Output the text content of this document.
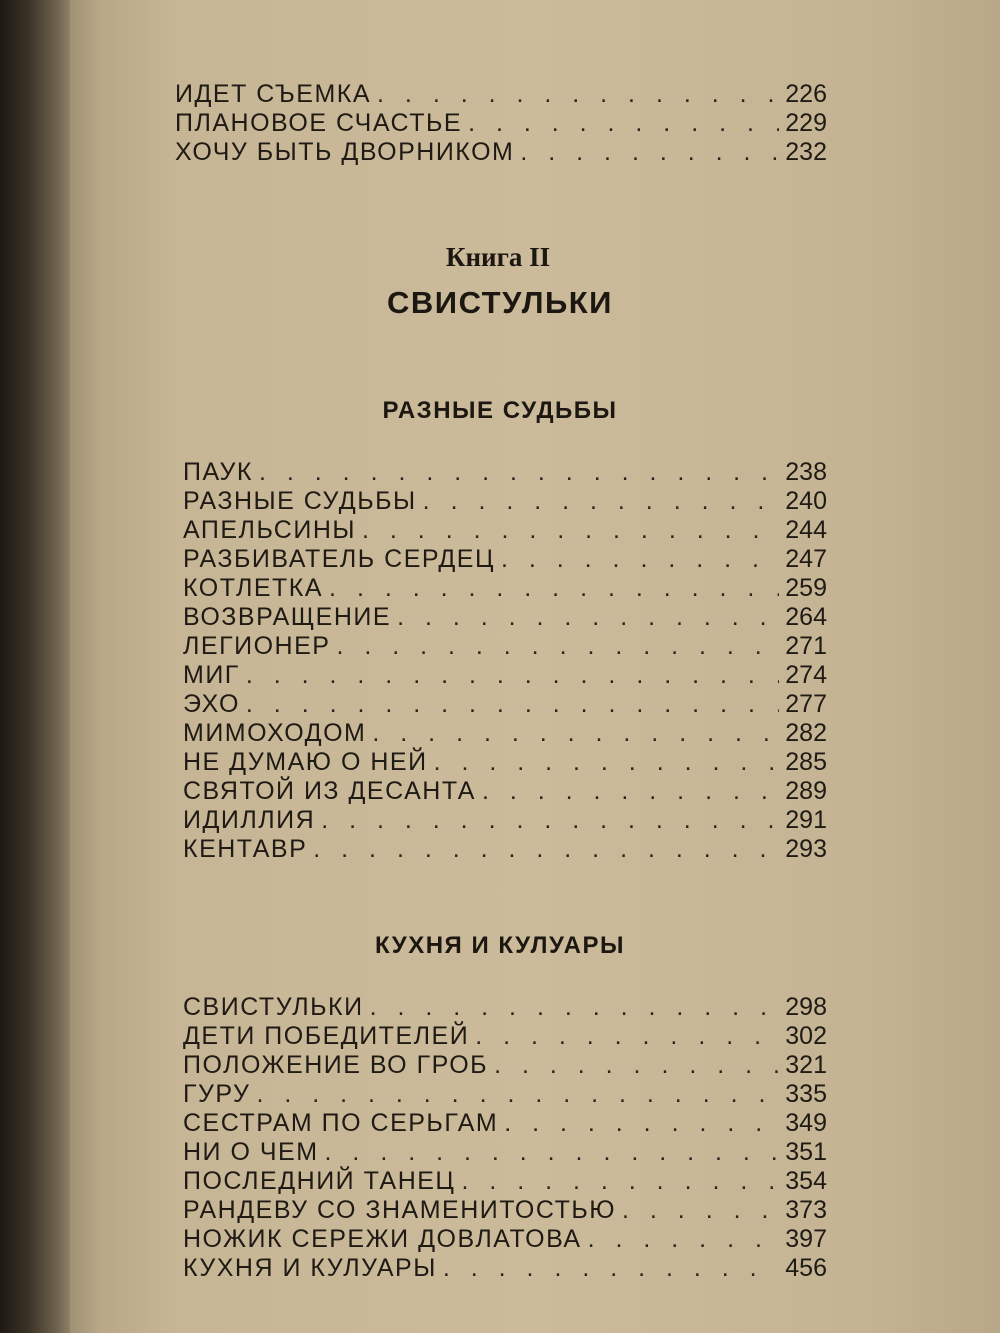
ИДЕТ СЪЕМКА . . .	226
ПЛАНОВОЕ СЧАСТЬЕ . . .	229
ХОЧУ БЫТЬ ДВОРНИКОМ . . .	232
Книга II
СВИСТУЛЬКИ
РАЗНЫЕ СУДЬБЫ
ПАУК . . .	238
РАЗНЫЕ СУДЬБЫ . . .	240
АПЕЛЬСИНЫ . . .	244
РАЗБИВАТЕЛЬ СЕРДЕЦ . . .	247
КОТЛЕТКА . . .	259
ВОЗВРАЩЕНИЕ . . .	264
ЛЕГИОНЕР . . .	271
МИГ . . .	274
ЭХО . . .	277
МИМОХОДОМ . . .	282
НЕ ДУМАЮ О НЕЙ . . .	285
СВЯТОЙ ИЗ ДЕСАНТА . . .	289
ИДИЛЛИЯ . . .	291
КЕНТАВР . . .	293
КУХНЯ И КУЛУАРЫ
СВИСТУЛЬКИ . . .	298
ДЕТИ ПОБЕДИТЕЛЕЙ . . .	302
ПОЛОЖЕНИЕ ВО ГРОБ . . .	321
ГУРУ . . .	335
СЕСТРАМ ПО СЕРЬГАМ . . .	349
НИ О ЧЕМ . . .	351
ПОСЛЕДНИЙ ТАНЕЦ . . .	354
РАНДЕВУ СО ЗНАМЕНИТОСТЬЮ . . .	373
НОЖИК СЕРЕЖИ ДОВЛАТОВА . . .	397
КУХНЯ И КУЛУАРЫ . . .	456
